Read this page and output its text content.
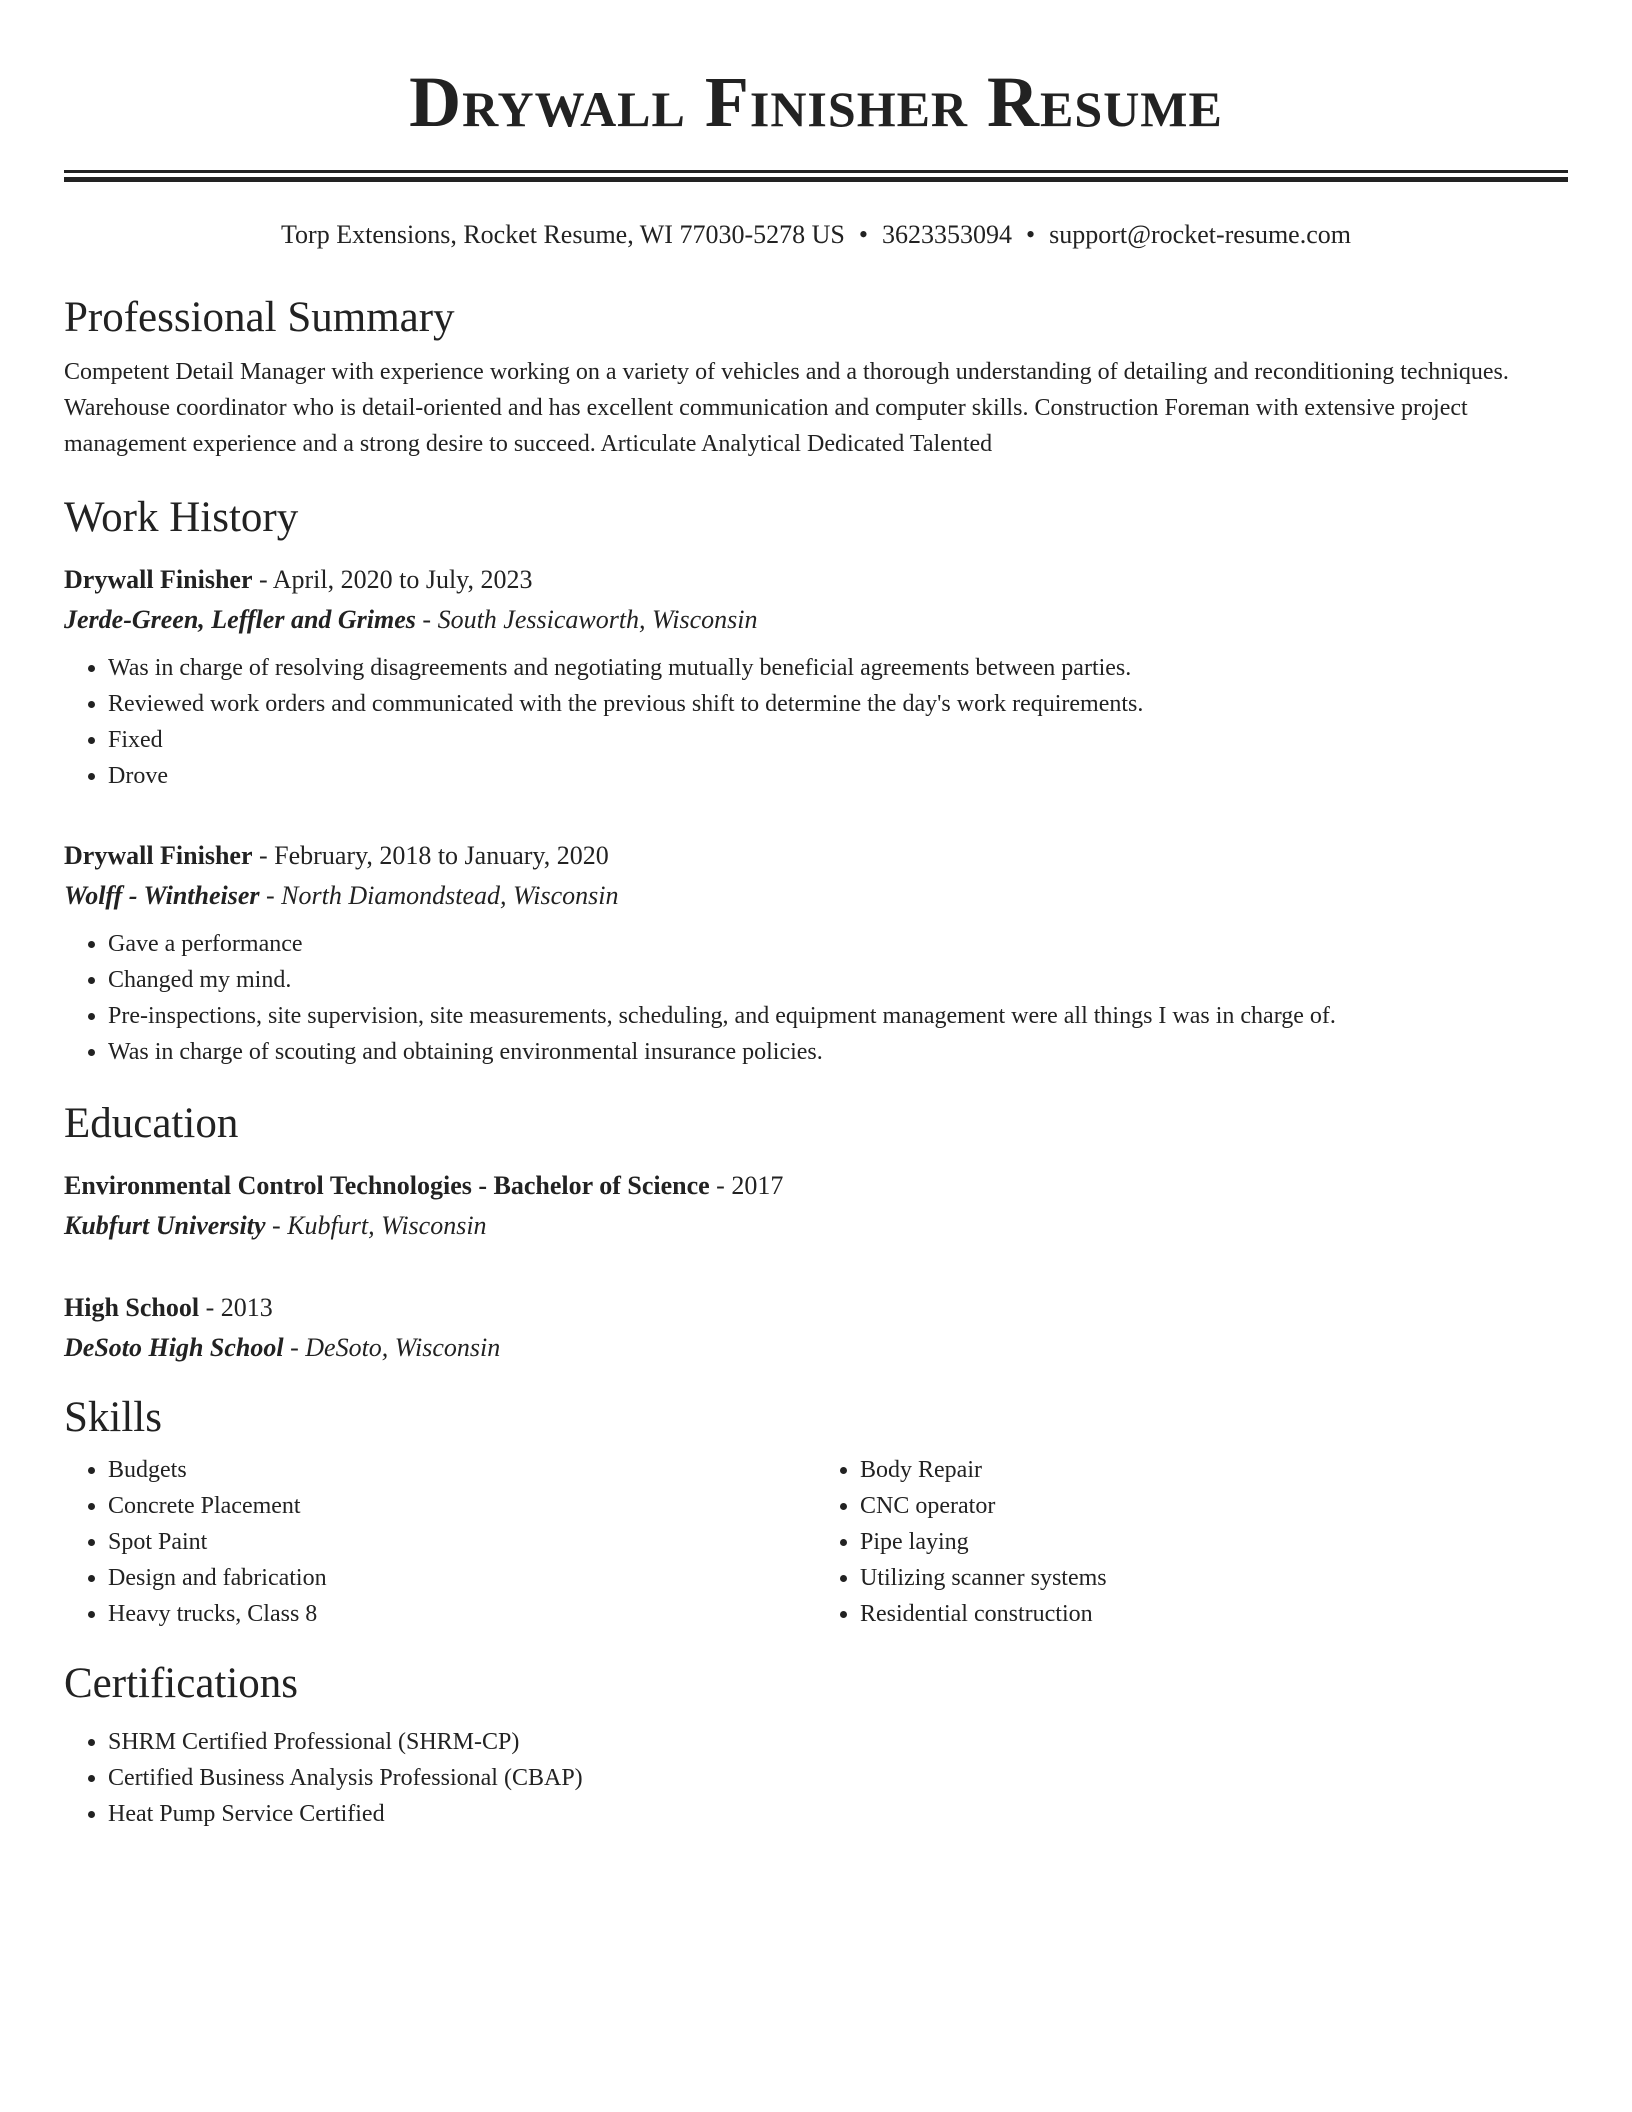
Drywall Finisher Resume
Torp Extensions, Rocket Resume, WI 77030-5278 US • 3623353094 • support@rocket-resume.com
Professional Summary
Competent Detail Manager with experience working on a variety of vehicles and a thorough understanding of detailing and reconditioning techniques. Warehouse coordinator who is detail-oriented and has excellent communication and computer skills. Construction Foreman with extensive project management experience and a strong desire to succeed. Articulate Analytical Dedicated Talented
Work History
Drywall Finisher - April, 2020 to July, 2023
Jerde-Green, Leffler and Grimes - South Jessicaworth, Wisconsin
• Was in charge of resolving disagreements and negotiating mutually beneficial agreements between parties.
• Reviewed work orders and communicated with the previous shift to determine the day's work requirements.
• Fixed
• Drove
Drywall Finisher - February, 2018 to January, 2020
Wolff - Wintheiser - North Diamondstead, Wisconsin
• Gave a performance
• Changed my mind.
• Pre-inspections, site supervision, site measurements, scheduling, and equipment management were all things I was in charge of.
• Was in charge of scouting and obtaining environmental insurance policies.
Education
Environmental Control Technologies - Bachelor of Science - 2017
Kubfurt University - Kubfurt, Wisconsin
High School - 2013
DeSoto High School - DeSoto, Wisconsin
Skills
• Budgets
• Concrete Placement
• Spot Paint
• Design and fabrication
• Heavy trucks, Class 8
• Body Repair
• CNC operator
• Pipe laying
• Utilizing scanner systems
• Residential construction
Certifications
• SHRM Certified Professional (SHRM-CP)
• Certified Business Analysis Professional (CBAP)
• Heat Pump Service Certified
